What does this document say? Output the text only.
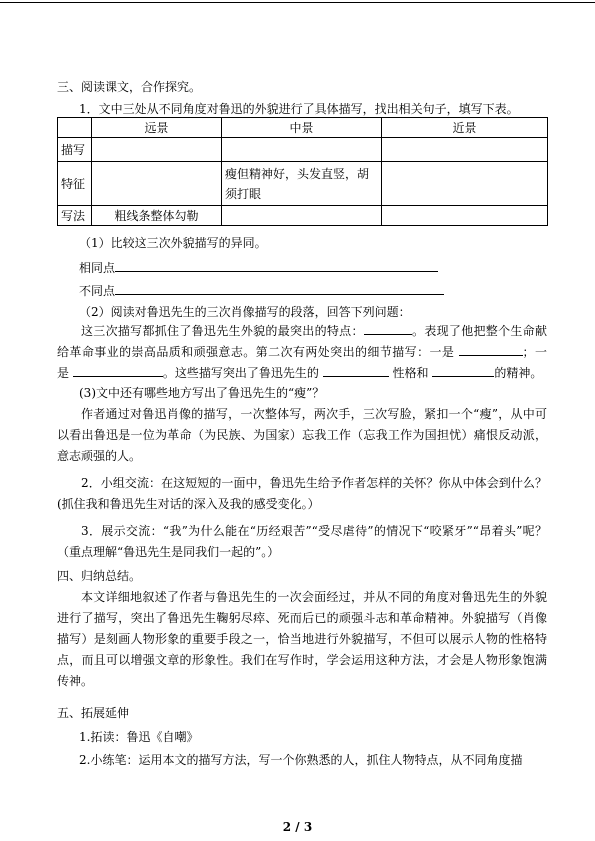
三、阅读课文，合作探究。
1．文中三处从不同角度对鲁迅的外貌进行了具体描写，找出相关句子，填写下表。
	远景	中景	近景
描写			
特征		瘦但精神好，头发直竖，胡须打眼	
写法	粗线条整体勾勒		
（1）比较这三次外貌描写的异同。
相同点
不同点
（2）阅读对鲁迅先生的三次肖像描写的段落，回答下列问题：
这三次描写都抓住了鲁迅先生外貌的最突出的特点：	。表现了他把整个生命献给革命事业的崇高品质和顽强意志。第二次有两处突出的细节描写：一是	；一是	。这些描写突出了鲁迅先生的	性格和	的精神。
(3)文中还有哪些地方写出了鲁迅先生的“瘦”？
作者通过对鲁迅肖像的描写，一次整体写，两次手，三次写脸，紧扣一个“瘦”，从中可以看出鲁迅是一位为革命（为民族、为国家）忘我工作（忘我工作为国担忧）痛恨反动派，意志顽强的人。
2．小组交流：在这短短的一面中，鲁迅先生给予作者怎样的关怀？你从中体会到什么？(抓住我和鲁迅先生对话的深入及我的感受变化。）
3．展示交流：“我”为什么能在“历经艰苦”“受尽虐待”的情况下“咬紧牙”“昂着头”呢？（重点理解“鲁迅先生是同我们一起的”。）
四、归纳总结。
本文详细地叙述了作者与鲁迅先生的一次会面经过，并从不同的角度对鲁迅先生的外貌进行了描写，突出了鲁迅先生鞠躬尽瘁、死而后已的顽强斗志和革命精神。外貌描写（肖像描写）是刻画人物形象的重要手段之一，恰当地进行外貌描写，不但可以展示人物的性格特点，而且可以增强文章的形象性。我们在写作时，学会运用这种方法，才会是人物形象饱满传神。
五、拓展延伸
1.拓读：鲁迅《自嘲》
2.小练笔：运用本文的描写方法，写一个你熟悉的人，抓住人物特点，从不同角度描
2 / 3
